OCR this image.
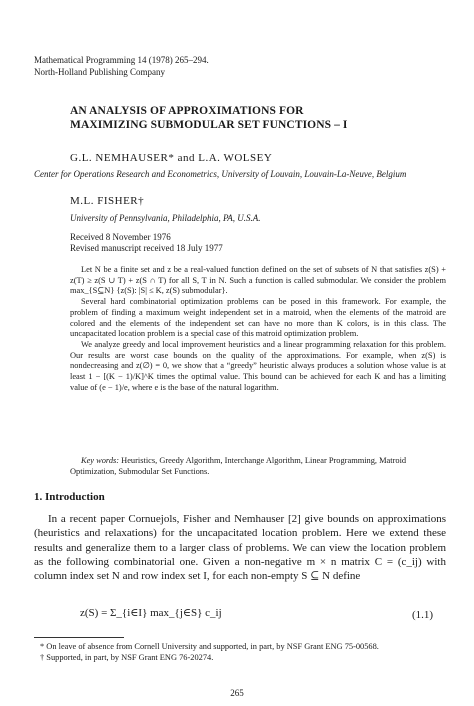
Mathematical Programming 14 (1978) 265–294.
North-Holland Publishing Company
AN ANALYSIS OF APPROXIMATIONS FOR
MAXIMIZING SUBMODULAR SET FUNCTIONS – I
G.L. NEMHAUSER* and L.A. WOLSEY
Center for Operations Research and Econometrics, University of Louvain, Louvain-La-Neuve, Belgium
M.L. FISHER†
University of Pennsylvania, Philadelphia, PA, U.S.A.
Received 8 November 1976
Revised manuscript received 18 July 1977

Let N be a finite set and z be a real-valued function defined on the set of subsets of N that satisfies z(S) + z(T) ≥ z(S ∪ T) + z(S ∩ T) for all S, T in N. Such a function is called submodular. We consider the problem max_{S⊆N} {z(S): |S| ≤ K, z(S) submodular}.

Several hard combinatorial optimization problems can be posed in this framework. For example, the problem of finding a maximum weight independent set in a matroid, when the elements of the matroid are colored and the elements of the independent set can have no more than K colors, is in this class. The uncapacitated location problem is a special case of this matroid optimization problem.

We analyze greedy and local improvement heuristics and a linear programming relaxation for this problem. Our results are worst case bounds on the quality of the approximations. For example, when z(S) is nondecreasing and z(∅) = 0, we show that a “greedy” heuristic always produces a solution whose value is at least 1 − [(K − 1)/K]^K times the optimal value. This bound can be achieved for each K and has a limiting value of (e − 1)/e, where e is the base of the natural logarithm.

Key words: Heuristics, Greedy Algorithm, Interchange Algorithm, Linear Programming, Matroid Optimization, Submodular Set Functions.
1. Introduction

In a recent paper Cornuejols, Fisher and Nemhauser [2] give bounds on approximations (heuristics and relaxations) for the uncapacitated location problem. Here we extend these results and generalize them to a larger class of problems. We can view the location problem as the following combinatorial one. Given a non-negative m × n matrix C = (c_ij) with column index set N and row index set I, for each non-empty S ⊆ N define

z(S) = Σ_{i∈I} max_{j∈S} c_ij	(1.1)
* On leave of absence from Cornell University and supported, in part, by NSF Grant ENG 75-00568.
† Supported, in part, by NSF Grant ENG 76-20274.
265
